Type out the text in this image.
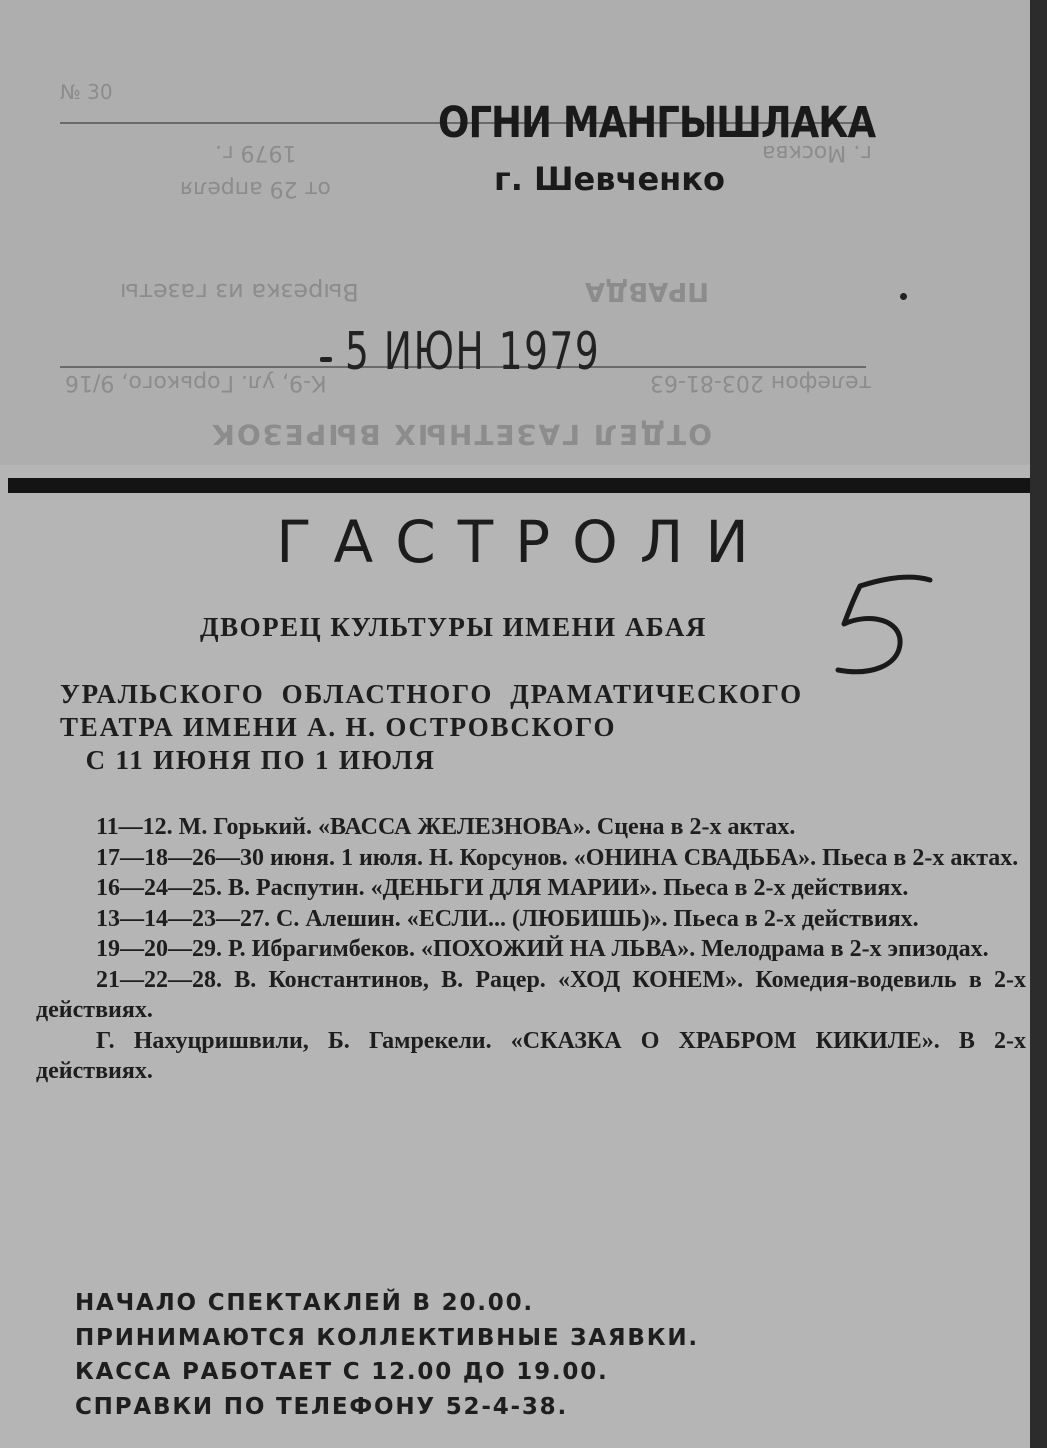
№ 30
1979 г.
от 29 апреля
г. Москва
Вырезка из газеты	ПРАВДА
К-9, ул. Горького, 9/16	телефон 203-81-63
ОТДЕЛ ГАЗЕТНЫХ ВЫРЕЗОК
ОГНИ МАНГЫШЛАКА
г. Шевченко
5 ИЮН 1979
ГАСТРОЛИ
ДВОРЕЦ КУЛЬТУРЫ ИМЕНИ АБАЯ
УРАЛЬСКОГО  ОБЛАСТНОГО  ДРАМАТИЧЕСКОГО
ТЕАТРА ИМЕНИ А. Н. ОСТРОВСКОГО
С 11 ИЮНЯ ПО 1 ИЮЛЯ

11—12. М. Горький. «ВАССА ЖЕЛЕЗНОВА». Сцена в 2-х актах.

17—18—26—30 июня. 1 июля. Н. Корсунов. «ОНИНА СВАДЬБА». Пьеса в 2-х актах.

16—24—25. В. Распутин. «ДЕНЬГИ ДЛЯ МАРИИ». Пьеса в 2-х действиях.

13—14—23—27. С. Алешин. «ЕСЛИ... (ЛЮБИШЬ)». Пьеса в 2-х действиях.

19—20—29. Р. Ибрагимбеков. «ПОХОЖИЙ НА ЛЬВА». Мелодрама в 2-х эпизодах.

21—22—28. В. Константинов, В. Рацер. «ХОД КОНЕМ». Комедия-водевиль в 2-х действиях.

Г. Нахуцришвили, Б. Гамрекели. «СКАЗКА О ХРАБРОМ КИКИЛЕ». В 2-х действиях.

НАЧАЛО СПЕКТАКЛЕЙ В 20.00.
ПРИНИМАЮТСЯ КОЛЛЕКТИВНЫЕ ЗАЯВКИ.
КАССА РАБОТАЕТ С 12.00 ДО 19.00.
СПРАВКИ ПО ТЕЛЕФОНУ 52-4-38.
